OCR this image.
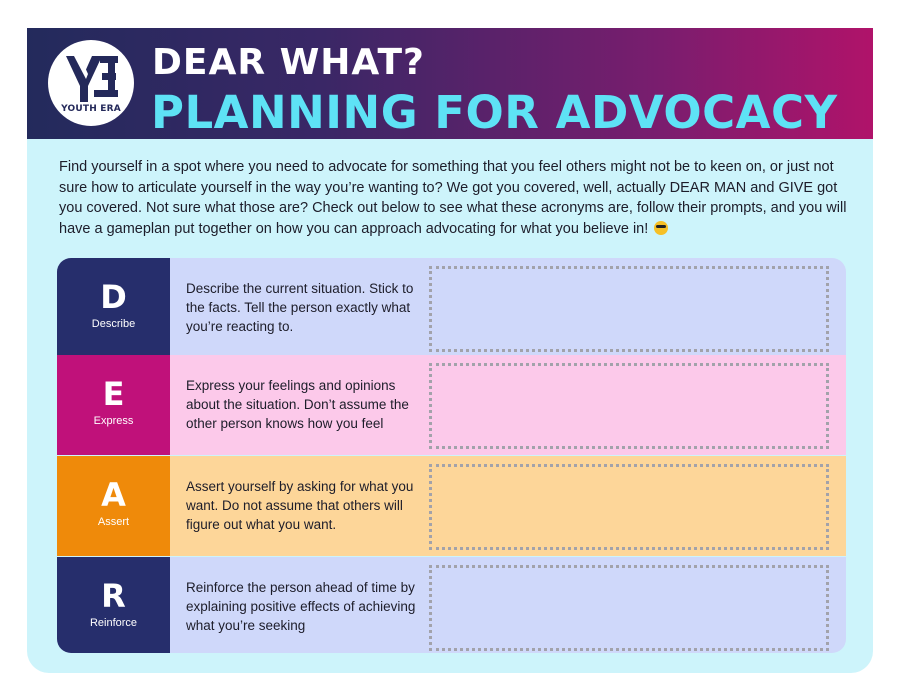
YOUTH ERA
DEAR WHAT?
PLANNING FOR ADVOCACY
Find yourself in a spot where you need to advocate for something that you feel others might not be to keen on, or just not sure how to articulate yourself in the way you’re wanting to? We got you covered, well, actually DEAR MAN and GIVE got you covered. Not sure what those are? Check out below to see what these acronyms are, follow their prompts, and you will have a gameplan put together on how you can approach advocating for what you believe in!
D
Describe
Describe the current situation. Stick to the facts. Tell the person exactly what you’re reacting to.
E
Express
Express your feelings and opinions about the situation. Don’t assume the other person knows how you feel
A
Assert
Assert yourself by asking for what you want. Do not assume that others will figure out what you want.
R
Reinforce
Reinforce the person ahead of time by explaining positive effects of achieving what you’re seeking
